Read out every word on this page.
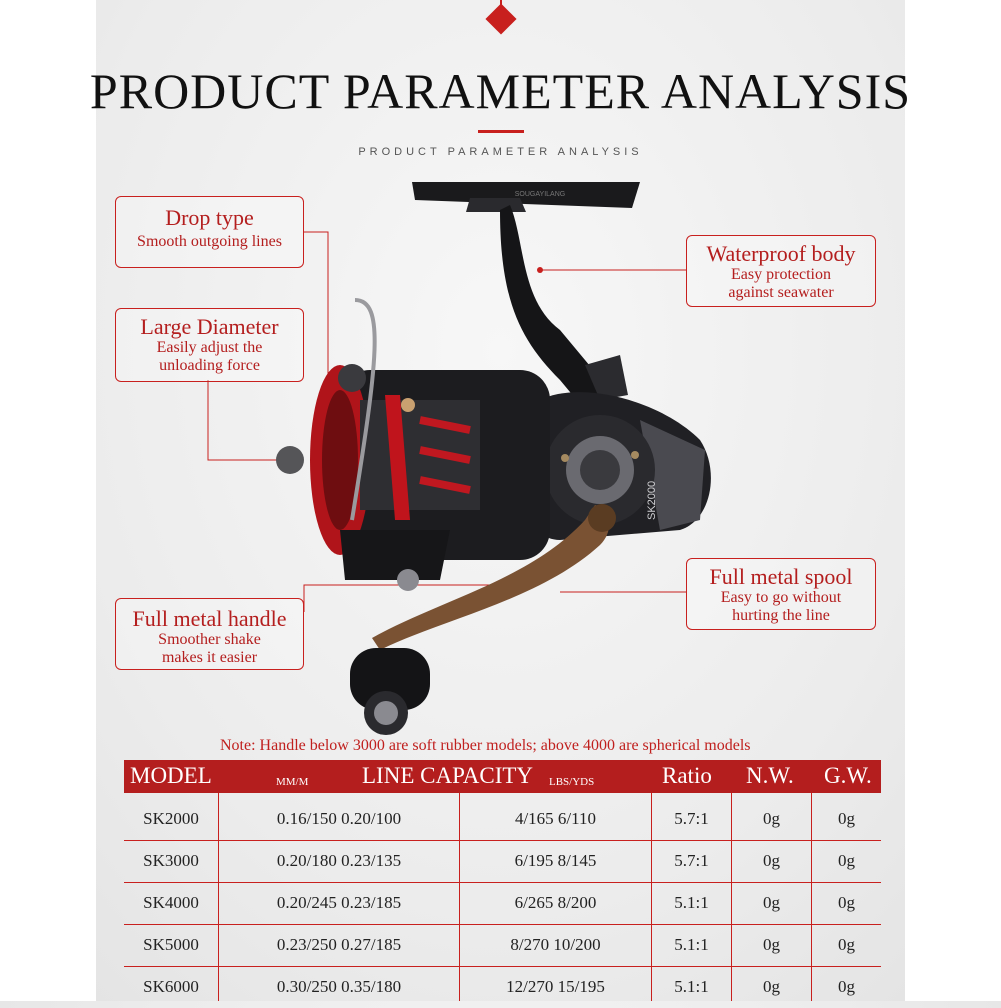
PRODUCT PARAMETER ANALYSIS
PRODUCT PARAMETER ANALYSIS
SK2000
SOUGAYILANG
Drop type
Smooth outgoing lines
Large Diameter
Easily adjust the
unloading force
Full metal handle
Smoother shake
makes it easier
Waterproof body
Easy protection
against seawater
Full metal spool
Easy to go without
hurting the line
Note: Handle below 3000 are soft rubber models; above 4000 are spherical models
MODEL	MM/M LINE CAPACITY LBS/YDS	Ratio N.W. G.W.
SK2000	0.16/150 0.20/100	4/165 6/110	5.7:1	0g	0g
SK3000	0.20/180 0.23/135	6/195 8/145	5.7:1	0g	0g
SK4000	0.20/245 0.23/185	6/265 8/200	5.1:1	0g	0g
SK5000	0.23/250 0.27/185	8/270 10/200	5.1:1	0g	0g
SK6000	0.30/250 0.35/180	12/270 15/195	5.1:1	0g	0g
